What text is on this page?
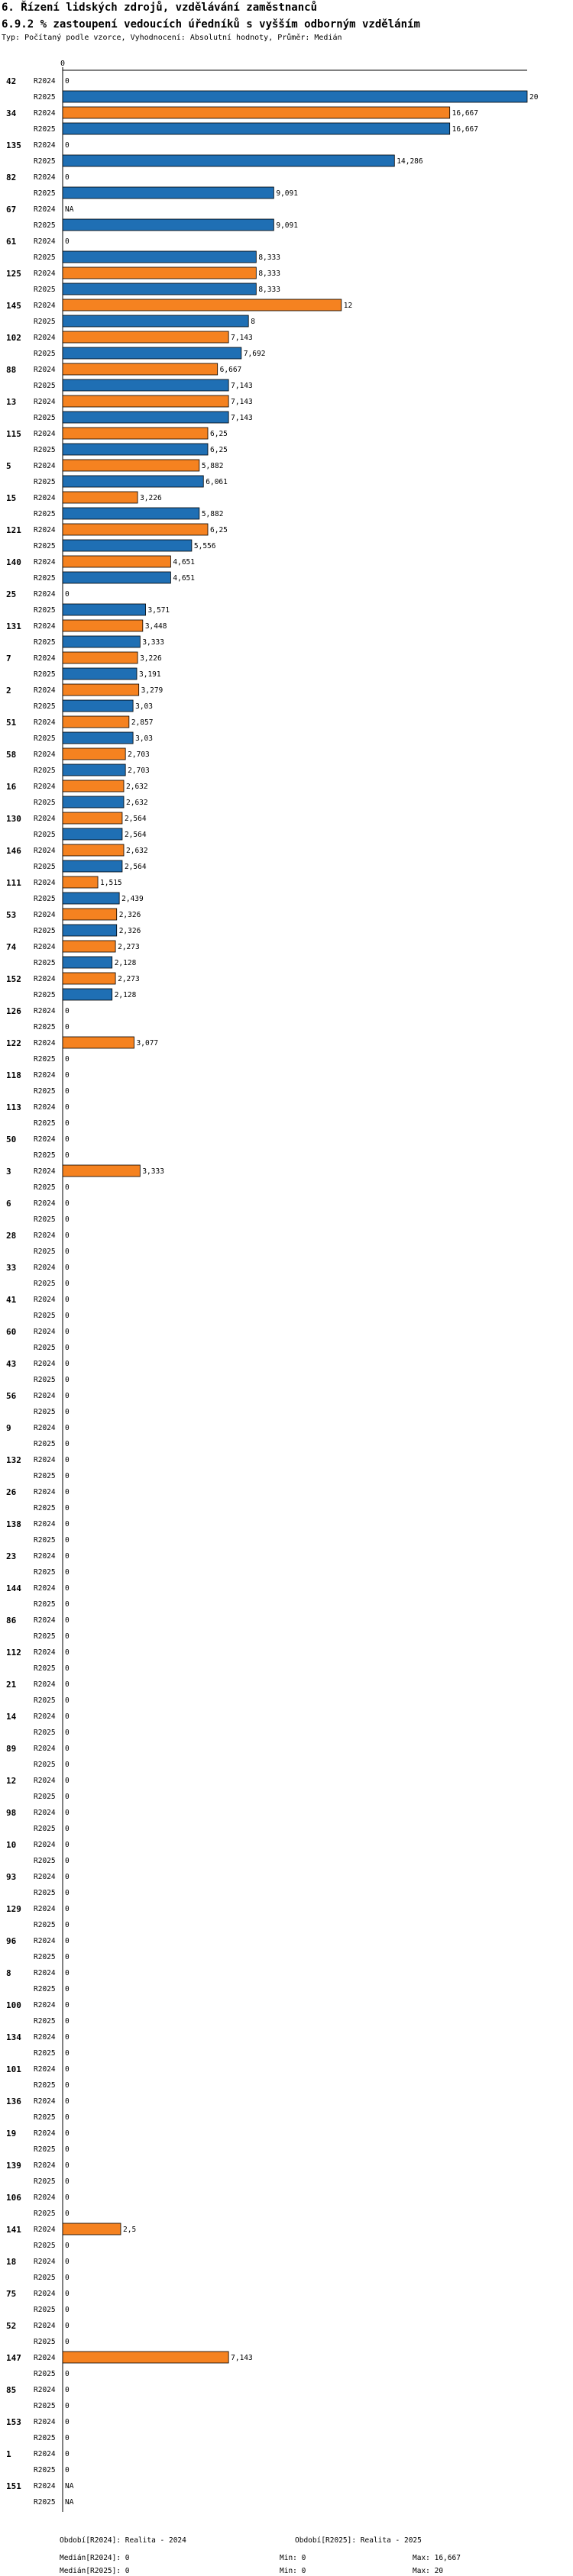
6. Řízení lidských zdrojů, vzdělávání zaměstnanců
6.9.2 % zastoupení vedoucích úředníků s vyšším odborným vzděláním
Typ: Počítaný podle vzorce, Vyhodnocení: Absolutní hodnoty, Průměr: Medián
0
42 R2024 0
R2025	20
34 R2024	16,667
R2025	16,667
135 R2024 0
R2025	14,286
82 R2024 0
R2025	9,091
67 R2024 NA
R2025	9,091
61 R2024 0
R2025	8,333
125 R2024	8,333
R2025	8,333
145 R2024	12
R2025	8
102 R2024	7,143
R2025	7,692
88 R2024	6,667
R2025	7,143
13 R2024	7,143
R2025	7,143
115 R2024	6,25
R2025	6,25
5	R2024	5,882
R2025	6,061
15 R2024	3,226
R2025	5,882
121 R2024	6,25
R2025	5,556
140 R2024	4,651
R2025	4,651
25 R2024 0
R2025	3,571
131 R2024	3,448
R2025	3,333
7	R2024	3,226
R2025	3,191
2	R2024	3,279
R2025	3,03
51 R2024	2,857
R2025	3,03
58 R2024	2,703
R2025	2,703
16 R2024	2,632
R2025	2,632
130 R2024	2,564
R2025	2,564
146 R2024	2,632
R2025	2,564
111 R2024	1,515
R2025	2,439
53 R2024	2,326
R2025	2,326
74 R2024	2,273
R2025	2,128
152 R2024	2,273
R2025	2,128
126 R2024 0
R2025 0
122 R2024	3,077
R2025 0
118 R2024 0
R2025 0
113 R2024 0
R2025 0
50 R2024 0
R2025 0
3	R2024	3,333
R2025 0
6	R2024 0
R2025 0
28 R2024 0
R2025 0
33 R2024 0
R2025 0
41 R2024 0
R2025 0
60 R2024 0
R2025 0
43 R2024 0
R2025 0
56 R2024 0
R2025 0
9	R2024 0
R2025 0
132 R2024 0
R2025 0
26 R2024 0
R2025 0
138 R2024 0
R2025 0
23 R2024 0
R2025 0
144 R2024 0
R2025 0
86 R2024 0
R2025 0
112 R2024 0
R2025 0
21 R2024 0
R2025 0
14 R2024 0
R2025 0
89 R2024 0
R2025 0
12 R2024 0
R2025 0
98 R2024 0
R2025 0
10 R2024 0
R2025 0
93 R2024 0
R2025 0
129 R2024 0
R2025 0
96 R2024 0
R2025 0
8	R2024 0
R2025 0
100 R2024 0
R2025 0
134 R2024 0
R2025 0
101 R2024 0
R2025 0
136 R2024 0
R2025 0
19 R2024 0
R2025 0
139 R2024 0
R2025 0
106 R2024 0
R2025 0
141 R2024	2,5
R2025 0
18 R2024 0
R2025 0
75 R2024 0
R2025 0
52 R2024 0
R2025 0
147 R2024	7,143
R2025 0
85 R2024 0
R2025 0
153 R2024 0
R2025 0
1	R2024 0
R2025 0
151 R2024 NA
R2025 NA
Období[R2024]: Realita - 2024	Období[R2025]: Realita - 2025
Medián[R2024]: 0
Medián[R2025]: 0
Min: 0
Min: 0
Max: 16,667
Max: 20
